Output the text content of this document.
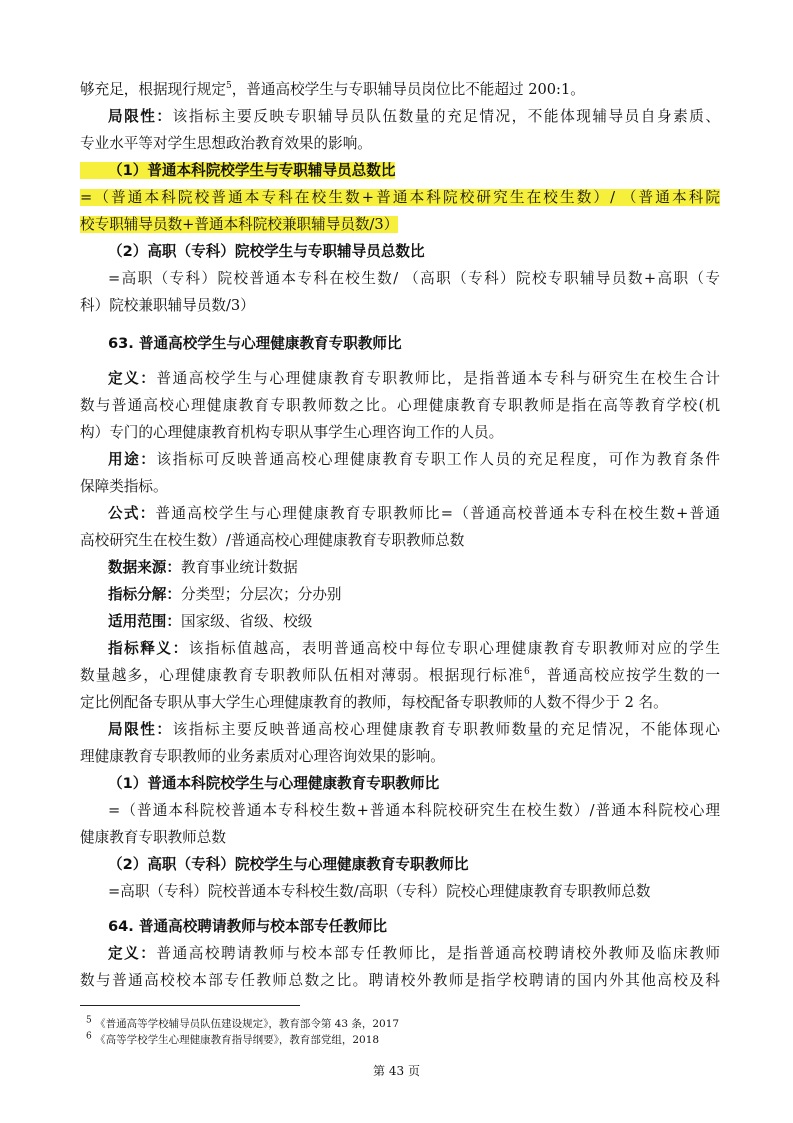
够充足，根据现行规定$^5$，普通高校学生与专职辅导员岗位比不能超过 200:1。
局限性：该指标主要反映专职辅导员队伍数量的充足情况，不能体现辅导员自身素质、
专业水平等对学生思想政治教育效果的影响。
（1）普通本科院校学生与专职辅导员总数比
=（普通本科院校普通本专科在校生数+普通本科院校研究生在校生数）/ （普通本科院
校专职辅导员数+普通本科院校兼职辅导员数/3）
（2）高职（专科）院校学生与专职辅导员总数比
=高职（专科）院校普通本专科在校生数/ （高职（专科）院校专职辅导员数+高职（专
科）院校兼职辅导员数/3）
63. 普通高校学生与心理健康教育专职教师比
定义：普通高校学生与心理健康教育专职教师比，是指普通本专科与研究生在校生合计
数与普通高校心理健康教育专职教师数之比。心理健康教育专职教师是指在高等教育学校(机
构）专门的心理健康教育机构专职从事学生心理咨询工作的人员。
用途：该指标可反映普通高校心理健康教育专职工作人员的充足程度，可作为教育条件
保障类指标。
公式：普通高校学生与心理健康教育专职教师比=（普通高校普通本专科在校生数+普通
高校研究生在校生数）/普通高校心理健康教育专职教师总数
数据来源：教育事业统计数据
指标分解：分类型；分层次；分办别
适用范围：国家级、省级、校级
指标释义：该指标值越高，表明普通高校中每位专职心理健康教育专职教师对应的学生
数量越多，心理健康教育专职教师队伍相对薄弱。根据现行标准$^6$，普通高校应按学生数的一
定比例配备专职从事大学生心理健康教育的教师，每校配备专职教师的人数不得少于 2 名。
局限性：该指标主要反映普通高校心理健康教育专职教师数量的充足情况，不能体现心
理健康教育专职教师的业务素质对心理咨询效果的影响。
（1）普通本科院校学生与心理健康教育专职教师比
=（普通本科院校普通本专科校生数+普通本科院校研究生在校生数）/普通本科院校心理
健康教育专职教师总数
（2）高职（专科）院校学生与心理健康教育专职教师比
=高职（专科）院校普通本专科校生数/高职（专科）院校心理健康教育专职教师总数
64. 普通高校聘请教师与校本部专任教师比
定义：普通高校聘请教师与校本部专任教师比，是指普通高校聘请校外教师及临床教师
数与普通高校校本部专任教师总数之比。聘请校外教师是指学校聘请的国内外其他高校及科
$^5$ 《普通高等学校辅导员队伍建设规定》，教育部令第 43 条，2017
$^6$ 《高等学校学生心理健康教育指导纲要》，教育部党组，2018
第 43 页
